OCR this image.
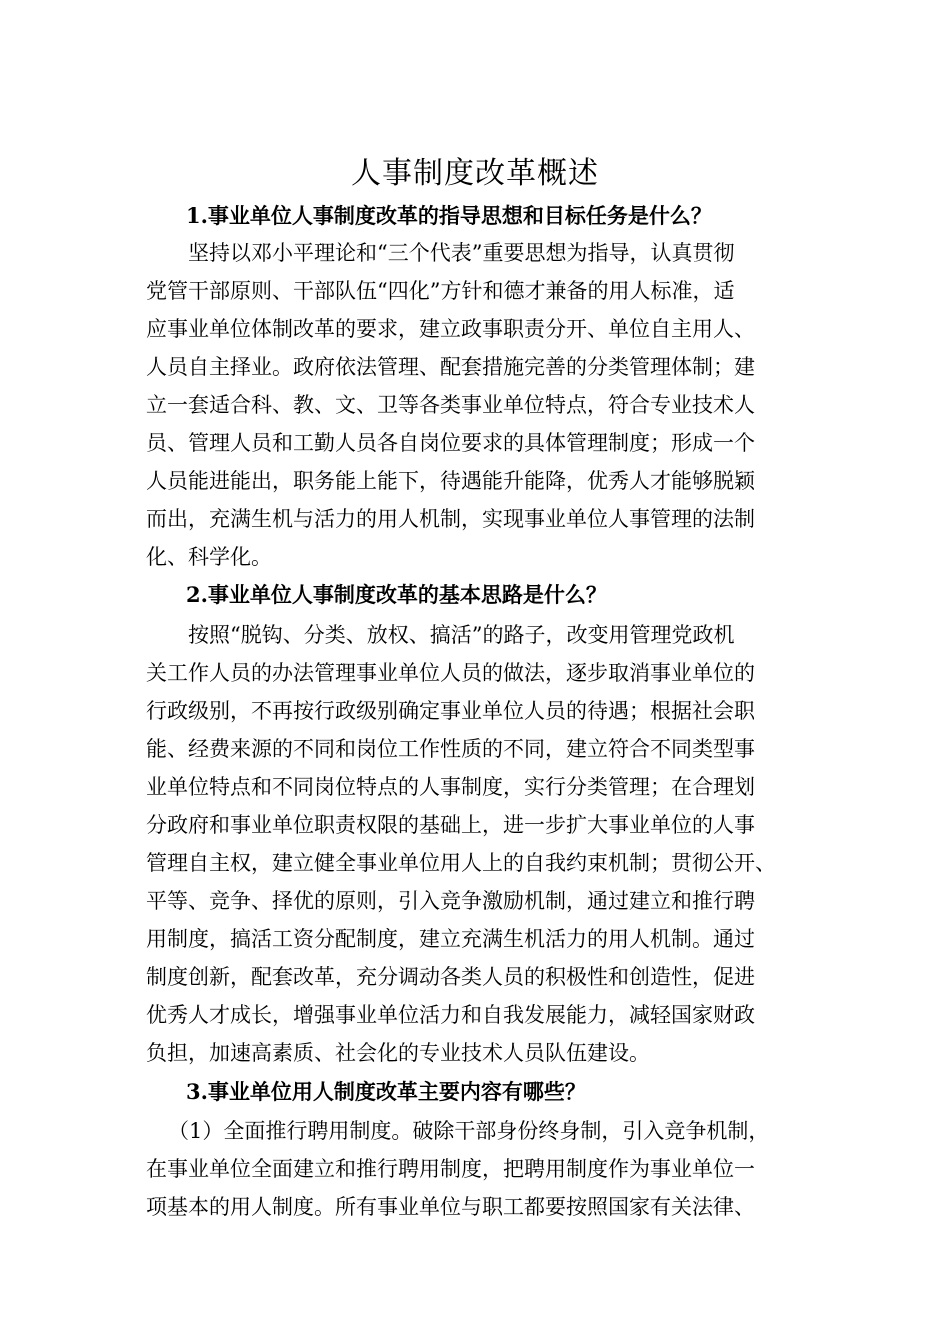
人事制度改革概述
1.事业单位人事制度改革的指导思想和目标任务是什么？

坚持以邓小平理论和“三个代表”重要思想为指导，认真贯彻

党管干部原则、干部队伍“四化”方针和德才兼备的用人标准，适

应事业单位体制改革的要求，建立政事职责分开、单位自主用人、

人员自主择业。政府依法管理、配套措施完善的分类管理体制；建

立一套适合科、教、文、卫等各类事业单位特点，符合专业技术人

员、管理人员和工勤人员各自岗位要求的具体管理制度；形成一个

人员能进能出，职务能上能下，待遇能升能降，优秀人才能够脱颖

而出，充满生机与活力的用人机制，实现事业单位人事管理的法制

化、科学化。

2.事业单位人事制度改革的基本思路是什么？

按照“脱钩、分类、放权、搞活”的路子，改变用管理党政机

关工作人员的办法管理事业单位人员的做法，逐步取消事业单位的

行政级别，不再按行政级别确定事业单位人员的待遇；根据社会职

能、经费来源的不同和岗位工作性质的不同，建立符合不同类型事

业单位特点和不同岗位特点的人事制度，实行分类管理；在合理划

分政府和事业单位职责权限的基础上，进一步扩大事业单位的人事

管理自主权，建立健全事业单位用人上的自我约束机制；贯彻公开、

平等、竞争、择优的原则，引入竞争激励机制，通过建立和推行聘

用制度，搞活工资分配制度，建立充满生机活力的用人机制。通过

制度创新，配套改革，充分调动各类人员的积极性和创造性，促进

优秀人才成长，增强事业单位活力和自我发展能力，减轻国家财政

负担，加速高素质、社会化的专业技术人员队伍建设。

3.事业单位用人制度改革主要内容有哪些？

（1）全面推行聘用制度。破除干部身份终身制，引入竞争机制，

在事业单位全面建立和推行聘用制度，把聘用制度作为事业单位一

项基本的用人制度。所有事业单位与职工都要按照国家有关法律、
